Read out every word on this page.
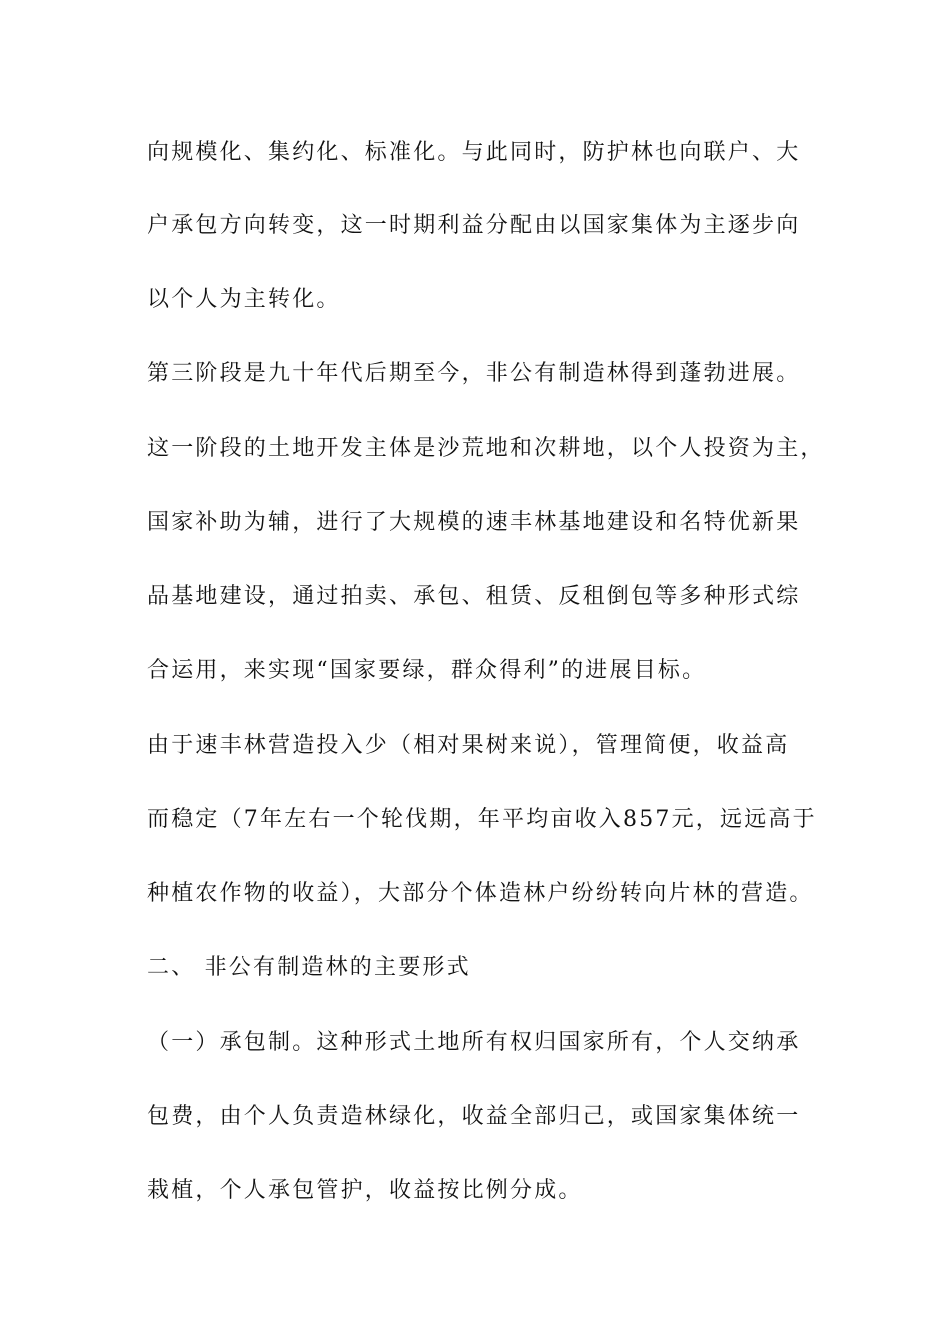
向规模化、集约化、标准化。与此同时，防护林也向联户、大
户承包方向转变，这一时期利益分配由以国家集体为主逐步向
以个人为主转化。
第三阶段是九十年代后期至今，非公有制造林得到蓬勃进展。
这一阶段的土地开发主体是沙荒地和次耕地，以个人投资为主，
国家补助为辅，进行了大规模的速丰林基地建设和名特优新果
品基地建设，通过拍卖、承包、租赁、反租倒包等多种形式综
合运用，来实现“国家要绿，群众得利”的进展目标。
由于速丰林营造投入少（相对果树来说），管理简便，收益高
而稳定（7年左右一个轮伐期，年平均亩收入857元，远远高于
种植农作物的收益），大部分个体造林户纷纷转向片林的营造。
二、 非公有制造林的主要形式
（一）承包制。这种形式土地所有权归国家所有，个人交纳承
包费，由个人负责造林绿化，收益全部归己，或国家集体统一
栽植，个人承包管护，收益按比例分成。
